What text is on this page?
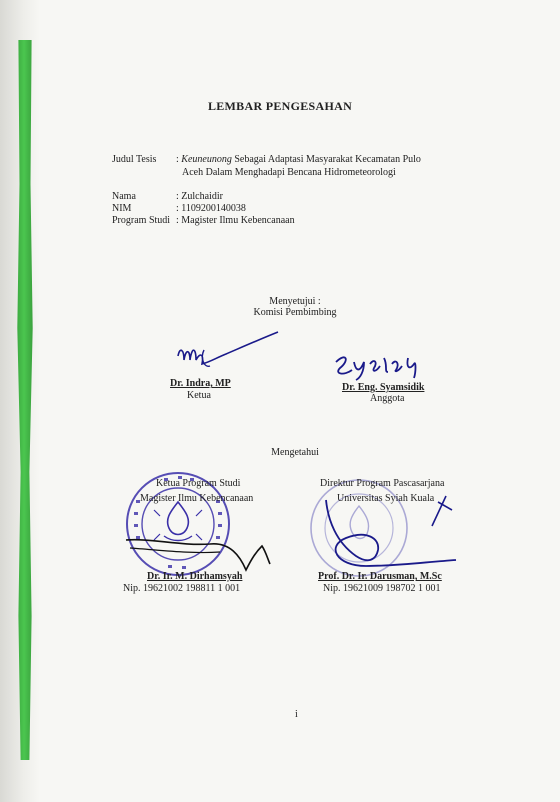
LEMBAR PENGESAHAN
Judul Tesis : Keuneunong Sebagai Adaptasi Masyarakat Kecamatan Pulo
Aceh Dalam Menghadapi Bencana Hidrometeorologi
Nama	: Zulchaidir
NIM	: 1109200140038
Program Studi : Magister Ilmu Kebencanaan
Menyetujui :
Komisi Pembimbing
Dr. Indra, MP
Ketua
Dr. Eng. Syamsidik
Anggota
Mengetahui
Ketua Program Studi
Magister Ilmu Kebencanaan
Direktur Program Pascasarjana
Universitas Syiah Kuala
Dr. Ir. M. Dirhamsyah
Nip. 19621002 198811 1 001
Prof. Dr. Ir. Darusman, M.Sc
Nip. 19621009 198702 1 001
i
